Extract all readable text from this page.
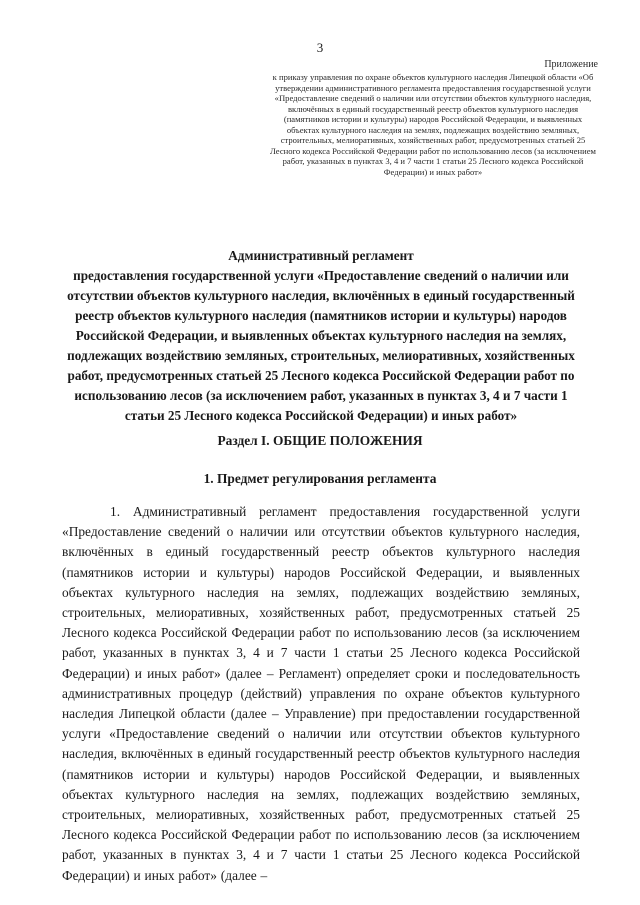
3
Приложение
к приказу управления по охране объектов культурного наследия Липецкой области «Об утверждении административного регламента предоставления государственной услуги «Предоставление сведений о наличии или отсутствии объектов культурного наследия, включённых в единый государственный реестр объектов культурного наследия (памятников истории и культуры) народов Российской Федерации, и выявленных объектах культурного наследия на землях, подлежащих воздействию земляных, строительных, мелиоративных, хозяйственных работ, предусмотренных статьей 25 Лесного кодекса Российской Федерации работ по использованию лесов (за исключением работ, указанных в пунктах 3, 4 и 7 части 1 статьи 25 Лесного кодекса Российской Федерации) и иных работ»
Административный регламент
предоставления государственной услуги «Предоставление сведений о наличии или отсутствии объектов культурного наследия, включённых в единый государственный реестр объектов культурного наследия (памятников истории и культуры) народов Российской Федерации, и выявленных объектах культурного наследия на землях, подлежащих воздействию земляных, строительных, мелиоративных, хозяйственных работ, предусмотренных статьей 25 Лесного кодекса Российской Федерации работ по использованию лесов (за исключением работ, указанных в пунктах 3, 4 и 7 части 1 статьи 25 Лесного кодекса Российской Федерации) и иных работ»
Раздел I. ОБЩИЕ ПОЛОЖЕНИЯ
1. Предмет регулирования регламента
1. Административный регламент предоставления государственной услуги «Предоставление сведений о наличии или отсутствии объектов культурного наследия, включённых в единый государственный реестр объектов культурного наследия (памятников истории и культуры) народов Российской Федерации, и выявленных объектах культурного наследия на землях, подлежащих воздействию земляных, строительных, мелиоративных, хозяйственных работ, предусмотренных статьей 25 Лесного кодекса Российской Федерации работ по использованию лесов (за исключением работ, указанных в пунктах 3, 4 и 7 части 1 статьи 25 Лесного кодекса Российской Федерации) и иных работ» (далее – Регламент) определяет сроки и последовательность административных процедур (действий) управления по охране объектов культурного наследия Липецкой области (далее – Управление) при предоставлении государственной услуги «Предоставление сведений о наличии или отсутствии объектов культурного наследия, включённых в единый государственный реестр объектов культурного наследия (памятников истории и культуры) народов Российской Федерации, и выявленных объектах культурного наследия на землях, подлежащих воздействию земляных, строительных, мелиоративных, хозяйственных работ, предусмотренных статьей 25 Лесного кодекса Российской Федерации работ по использованию лесов (за исключением работ, указанных в пунктах 3, 4 и 7 части 1 статьи 25 Лесного кодекса Российской Федерации) и иных работ» (далее –
